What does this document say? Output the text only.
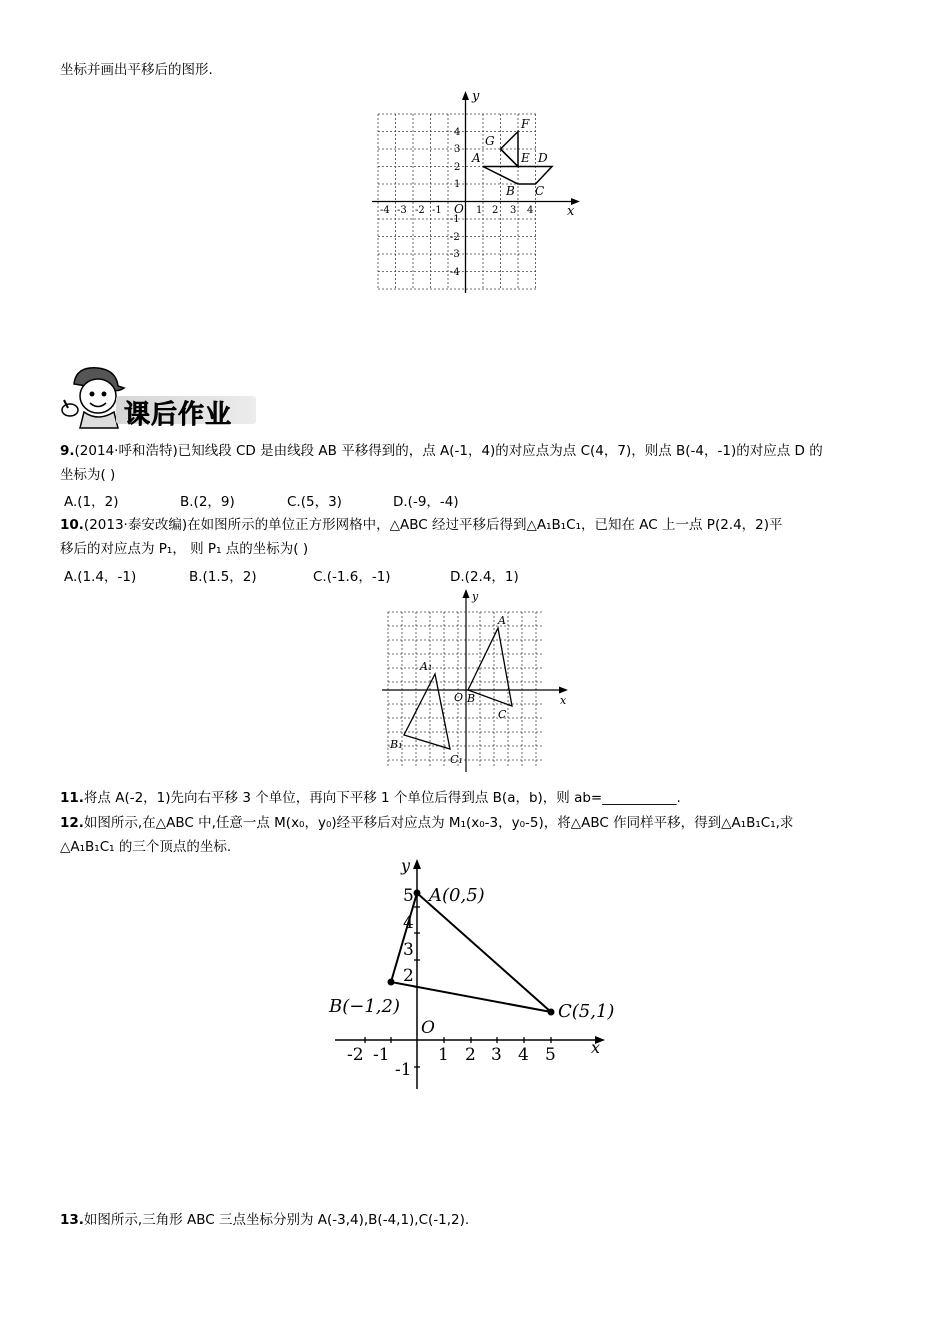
坐标并画出平移后的图形.
x
y
O
-4 -3 -2 -1	1 2 3 4
4
3
2
1
-1
-2
-3
-4
A
B C
D
E
F
G
课后作业
9.(2014·呼和浩特)已知线段 CD 是由线段 AB 平移得到的，点 A(-1，4)的对应点为点 C(4，7)，则点 B(-4，-1)的对应点 D 的
坐标为( )
A.(1，2)	B.(2，9)	C.(5，3)	D.(-9，-4)
10.(2013·泰安改编)在如图所示的单位正方形网格中，△ABC 经过平移后得到△A₁B₁C₁，已知在 AC 上一点 P(2.4，2)平
移后的对应点为 P₁， 则 P₁ 点的坐标为( )
A.(1.4，-1)	B.(1.5，2)	C.(-1.6，-1)	D.(2.4，1)
x
y
O
A
B
C
A₁
B₁
C₁
11.将点 A(-2，1)先向右平移 3 个单位，再向下平移 1 个单位后得到点 B(a，b)，则 ab=___________.
12.如图所示,在△ABC 中,任意一点 M(x₀，y₀)经平移后对应点为 M₁(x₀-3，y₀-5)，将△ABC 作同样平移，得到△A₁B₁C₁,求
△A₁B₁C₁ 的三个顶点的坐标.
x
y
O
-2 -1	1 2 3 4 5
5
4
3
2
-1
A(0,5)
B(−1,2)	C(5,1)
13.如图所示,三角形 ABC 三点坐标分别为 A(-3,4),B(-4,1),C(-1,2).
